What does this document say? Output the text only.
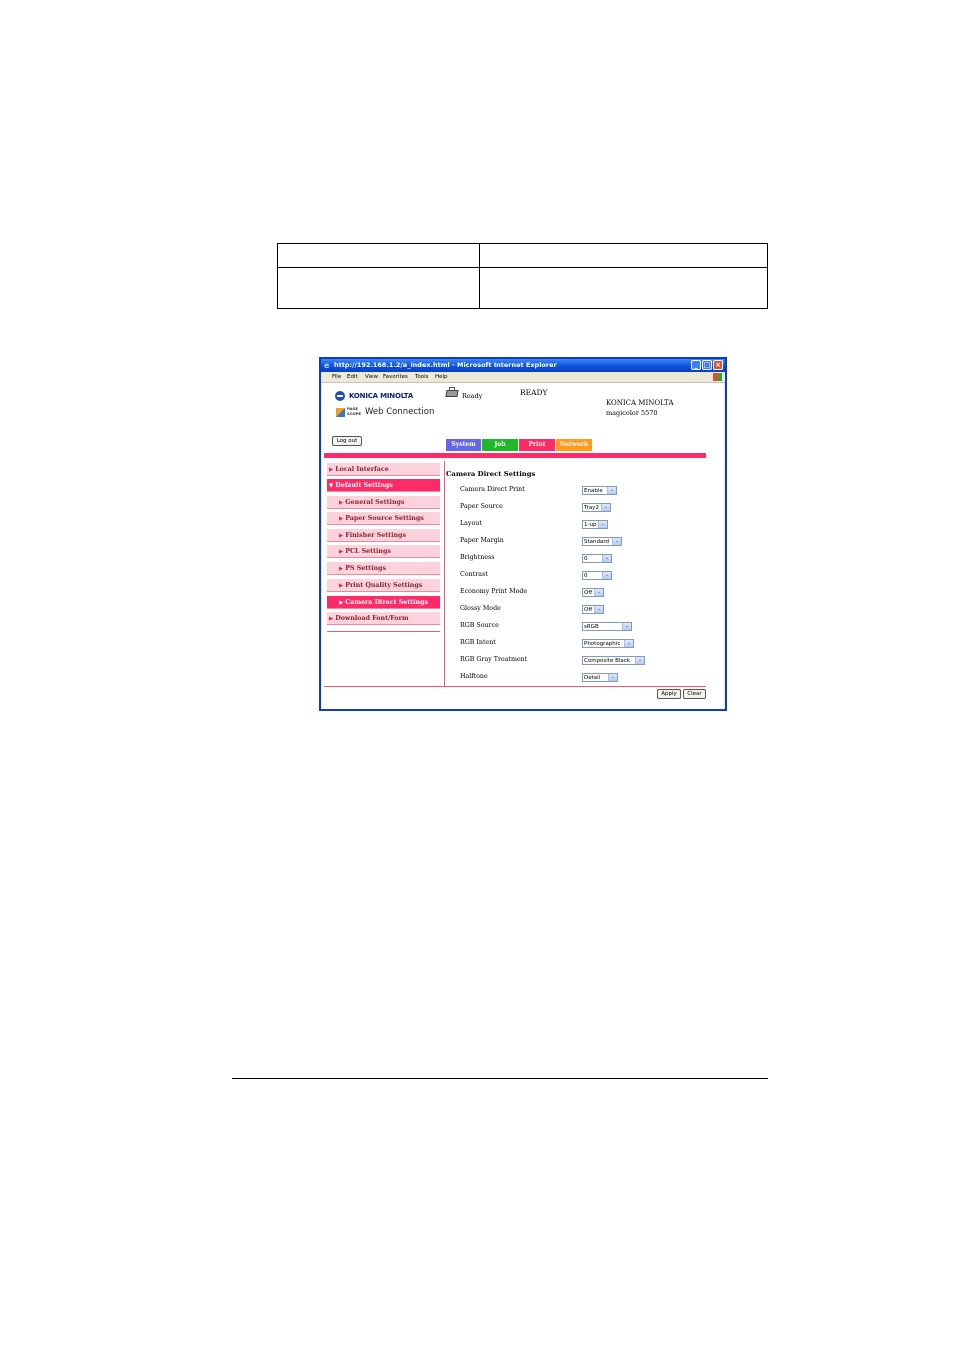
e http://192.168.1.2/a_index.html - Microsoft Internet Explorer	_ □ ×
File Edit View Favorites Tools Help
KONICA MINOLTA
PAGE
SCOPE Web Connection
Ready	READY
KONICA MINOLTA
magicolor 5570
Log out	System	Job	Print	Network
▶ Local Interface
▼ Default Settings
▶ General Settings
▶ Paper Source Settings
▶ Finisher Settings
▶ PCL Settings
▶ PS Settings
▶ Print Quality Settings
▶ Camera Direct Settings
▶ Download Font/Form
Camera Direct Settings
Camera Direct Print	Enable	⌄
Paper Source	Tray2 ⌄
Layout	1-up ⌄
Paper Margin	Standard	⌄
Brightness	0	⌄
Contrast	0	⌄
Economy Print Mode	Off ⌄
Glossy Mode	Off ⌄
RGB Source	sRGB	⌄
RGB Intent	Photographic	⌄
RGB Gray Treatment	Composite Black	⌄
Halftone	Detail	⌄
Apply	Clear
